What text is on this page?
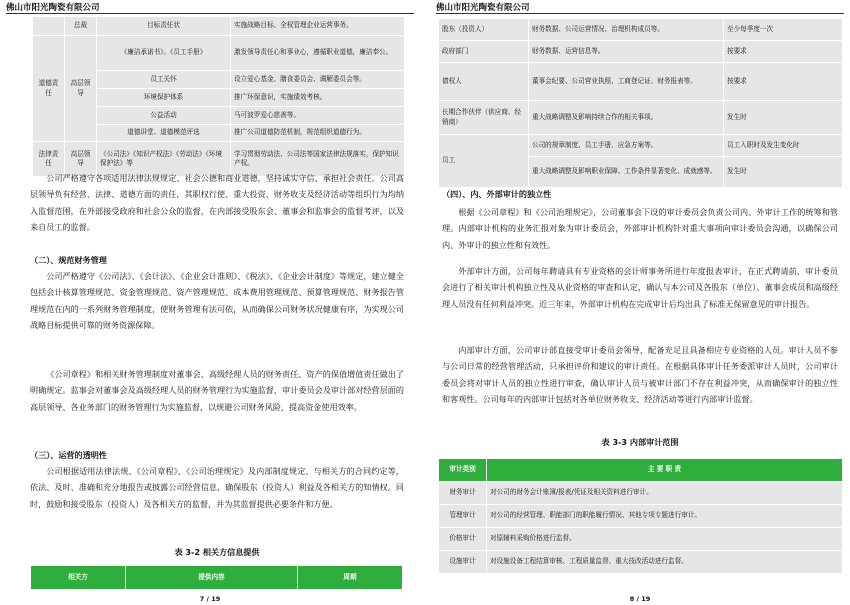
佛山市阳光陶瓷有限公司
	总裁	目标责任状	实施战略目标、全权管理企业运营事务。
道德责任	高层领导	《廉洁承诺书》、《员工手册》	激发领导责任心和事业心，遵循职业道德，廉洁奉公。
		员工关怀	设立爱心基金、膳食委员会、调解委员会等。
		环境保护体系	推广环保意识，实施绩效考核。
		公益活动	马可波罗爱心慈善等。
		道德讲堂、道德模范评选	推广公司道德防范机制，规范组织道德行为。
法律责任	高层领导	《公司法》《知识产权法》《劳动法》《环境保护法》等	学习贯彻劳动法、公司法等国家法律法规落实，保护知识产权。

公司严格遵守各项适用法律法规规定、社会公德和商业道德，坚持诚实守信、承担社会责任。公司高层领导负有经营、法律、道德方面的责任，其职权行使、重大投资、财务收支及经济活动等组织行为均纳入监督范围，在外部接受政府和社会公众的监督，在内部接受股东会、董事会和监事会的监督考评，以及来自员工的监督。

（二）、规范财务管理

公司严格遵守《公司法》、《会计法》、《企业会计准则》、《税法》、《企业会计制度》等规定，建立健全包括会计核算管理规范、资金管理规范、资产管理规范、成本费用管理规范、预算管理规范、财务报告管理规范在内的一系列财务管理制度，使财务管理有法可依，从而确保公司财务状况健康有序，为实现公司战略目标提供可靠的财务资源保障。

《公司章程》和相关财务管理制度对董事会、高级经理人员的财务责任、资产的保值增值责任做出了明确规定。监事会对董事会及高级经理人员的财务管理行为实施监督，审计委员会及审计部对经营层面的高层领导、各业务部门的财务管理行为实施监督，以规避公司财务风险，提高资金使用效率。

（三）、运营的透明性

公司根据适用法律法规、《公司章程》、《公司治理规定》及内部制度规定、与相关方的合同约定等，依法、及时、准确和充分地报告或披露公司经营信息，确保股东（投资人）利益及各相关方的知情权。同时，鼓励和接受股东（投资人）及各相关方的监督，并为其监督提供必要条件和方便。

表 3-2 相关方信息提供
相关方	提供内容	周期
7 / 19
佛山市阳光陶瓷有限公司
股东（投资人）	财务数据、公司运营情况、治理机构成员等。	至少每季度一次
政府部门	财务数据、运营信息等。	按要求
债权人	董事会纪要、公司营业执照、工商登记证、财务报表等。	按要求
长期合作伙伴（供应商、经销商）	重大战略调整及影响持续合作的相关事项。	发生时
员工	公司的规章制度、员工手册、应急方案等。	员工入职时及发生变化时
	重大战略调整及影响职业保障、工作条件显著变化、成就感等。	发生时
（四）、内、外部审计的独立性

根据《公司章程》和《公司治理规定》，公司董事会下设的审计委员会负责公司内、外审计工作的统筹和管理。内部审计机构的业务汇报对象为审计委员会，外部审计机构针对重大事项向审计委员会沟通，以确保公司内、外审计的独立性和有效性。

外部审计方面，公司每年聘请具有专业资格的会计师事务所进行年度报表审计，在正式聘请前，审计委员会进行了相关审计机构独立性及从业资格的审查和认定，确认与本公司及各股东（单位）、董事会成员和高级经理人员没有任何利益冲突。近三年来，外部审计机构在完成审计后均出具了标准无保留意见的审计报告。

内部审计方面，公司审计部直接受审计委员会领导，配备充足且具备相应专业资格的人员。审计人员不参与公司日常的经营管理活动，只承担评价和建议的审计责任。在根据具体审计任务委派审计人员时，公司审计委员会将对审计人员的独立性进行审查，确认审计人员与被审计部门不存在利益冲突，从而确保审计的独立性和客观性。公司每年的内部审计包括对各单位财务收支、经济活动等进行内部审计监督。

表 3-3 内部审计范围
审计类别	主 要 职 责
财务审计	对公司的财务会计账簿/报表/凭证及相关资料进行审计。
管理审计	对公司的经营管理、职能部门的职能履行情况、其他专项专题进行审计。
价格审计	对原辅料采购价格进行监督。
设施审计	对设施设备工程结算审核、工程质量监督、重大技改活动进行监督。
8 / 19
